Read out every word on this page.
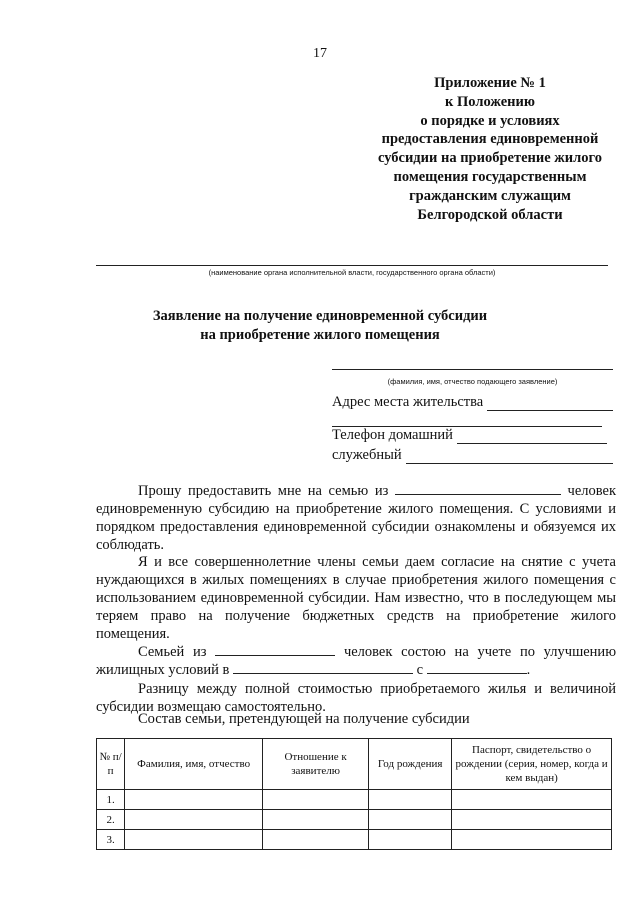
17
Приложение № 1
к Положению
о порядке и условиях
предоставления единовременной
субсидии на приобретение жилого
помещения государственным
гражданским служащим
Белгородской области
(наименование органа исполнительной власти, государственного органа области)
Заявление на получение единовременной субсидии
на приобретение жилого помещения
(фамилия, имя, отчество подающего заявление)
Адрес места жительства
Телефон домашний
служебный
Прошу предоставить мне на семью из	человек единовременную субсидию на приобретение жилого помещения. С условиями и порядком предоставления единовременной субсидии ознакомлены и обязуемся их соблюдать.
Я и все совершеннолетние члены семьи даем согласие на снятие с учета нуждающихся в жилых помещениях в случае приобретения жилого помещения с использованием единовременной субсидии. Нам известно, что в последующем мы теряем право на получение бюджетных средств на приобретение жилого помещения.
Семьей из	человек состою на учете по улучшению жилищных условий в	с	.
Разницу между полной стоимостью приобретаемого жилья и величиной субсидии возмещаю самостоятельно.
Состав семьи, претендующей на получение субсидии
№ п/п	Фамилия, имя, отчество	Отношение к заявителю	Год рождения	Паспорт, свидетельство о рождении (серия, номер, когда и кем выдан)
1.				
2.				
3.				
